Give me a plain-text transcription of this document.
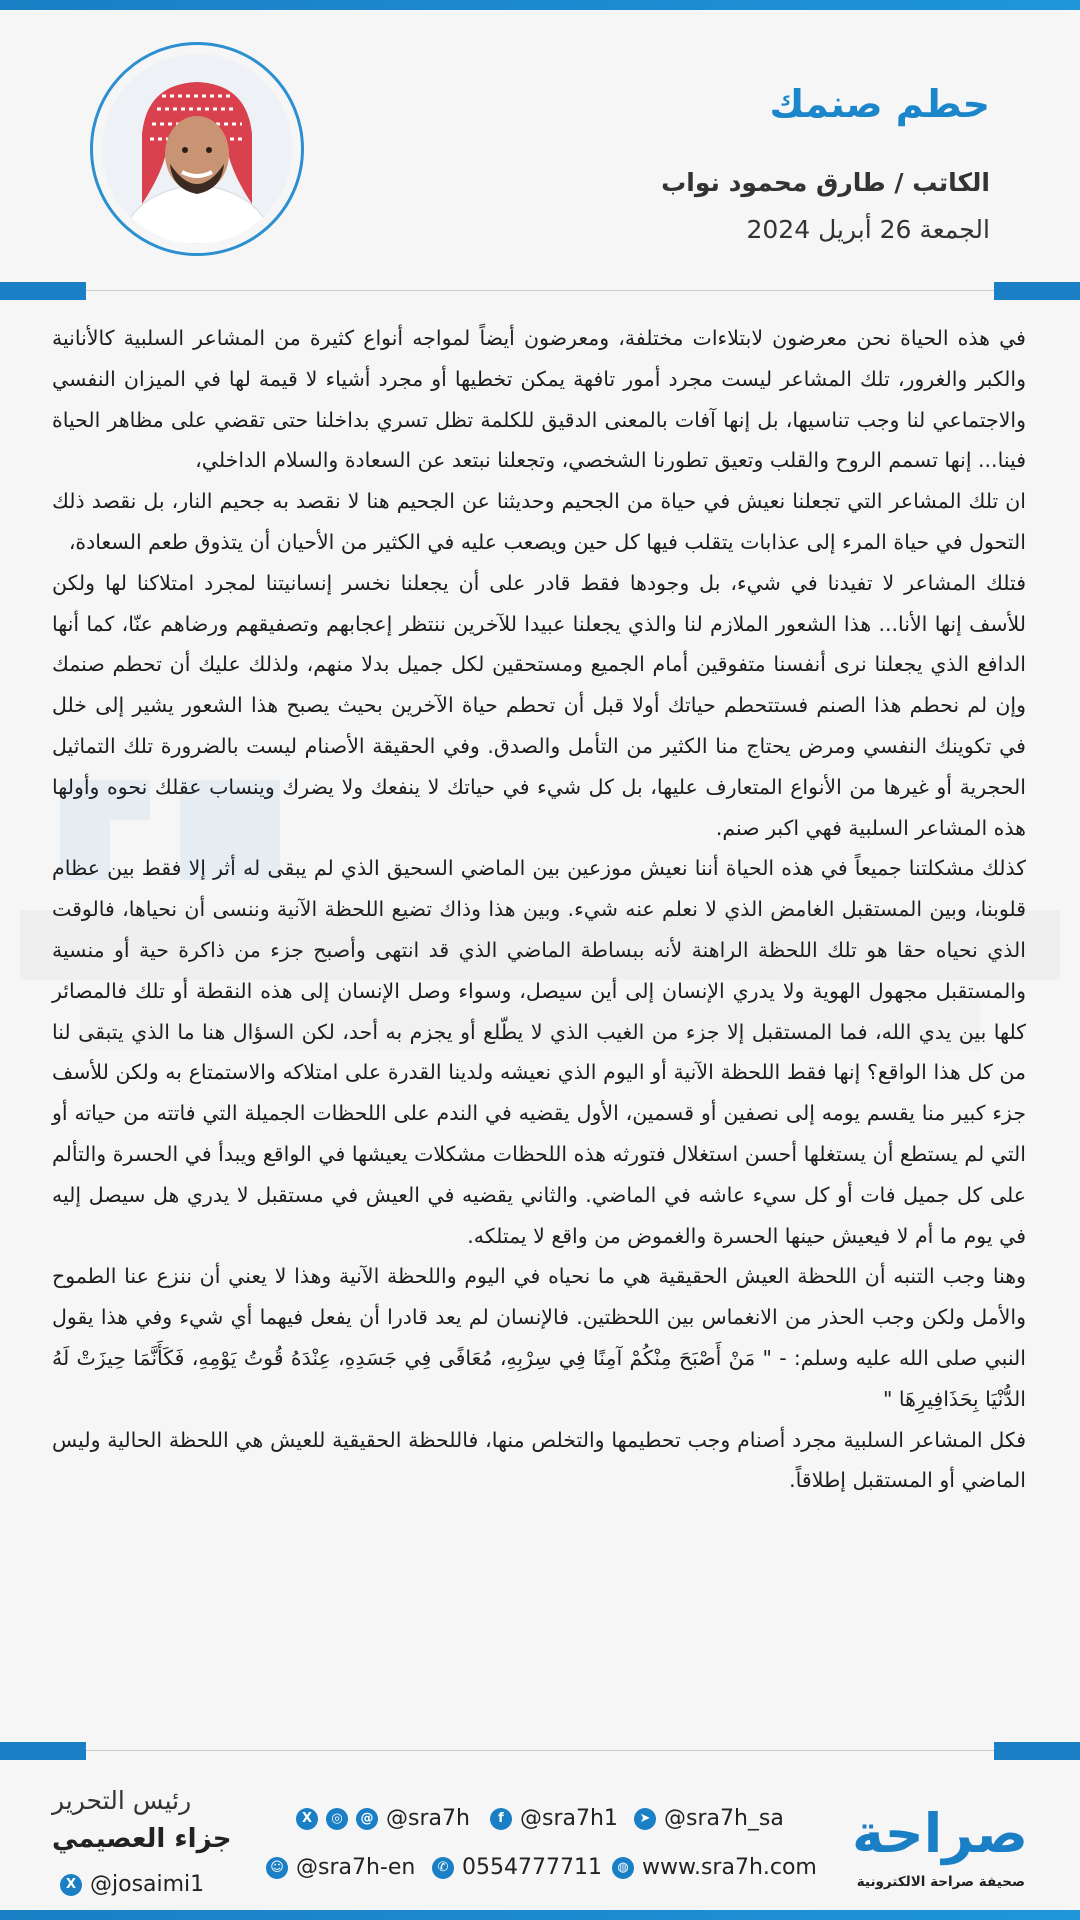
حطم صنمك
الكاتب / طارق محمود نواب
الجمعة 26 أبريل 2024

في هذه الحياة نحن معرضون لابتلاءات مختلفة، ومعرضون أيضاً لمواجه أنواع كثيرة من المشاعر السلبية كالأنانية والكبر والغرور، تلك المشاعر ليست مجرد أمور تافهة يمكن تخطيها أو مجرد أشياء لا قيمة لها في الميزان النفسي والاجتماعي لنا وجب تناسيها، بل إنها آفات بالمعنى الدقيق للكلمة تظل تسري بداخلنا حتى تقضي على مظاهر الحياة فينا... إنها تسمم الروح والقلب وتعيق تطورنا الشخصي، وتجعلنا نبتعد عن السعادة والسلام الداخلي،

ان تلك المشاعر التي تجعلنا نعيش في حياة من الجحيم وحديثنا عن الجحيم هنا لا نقصد به جحيم النار، بل نقصد ذلك التحول في حياة المرء إلى عذابات يتقلب فيها كل حين ويصعب عليه في الكثير من الأحيان أن يتذوق طعم السعادة،

فتلك المشاعر لا تفيدنا في شيء، بل وجودها فقط قادر على أن يجعلنا نخسر إنسانيتنا لمجرد امتلاكنا لها ولكن للأسف إنها الأنا... هذا الشعور الملازم لنا والذي يجعلنا عبيدا للآخرين ننتظر إعجابهم وتصفيقهم ورضاهم عنّا، كما أنها الدافع الذي يجعلنا نرى أنفسنا متفوقين أمام الجميع ومستحقين لكل جميل بدلا منهم، ولذلك عليك أن تحطم صنمك وإن لم نحطم هذا الصنم فستتحطم حياتك أولا قبل أن تحطم حياة الآخرين بحيث يصبح هذا الشعور يشير إلى خلل في تكوينك النفسي ومرض يحتاج منا الكثير من التأمل والصدق. وفي الحقيقة الأصنام ليست بالضرورة تلك التماثيل الحجرية أو غيرها من الأنواع المتعارف عليها، بل كل شيء في حياتك لا ينفعك ولا يضرك وينساب عقلك نحوه وأولها هذه المشاعر السلبية فهي اكبر صنم.

كذلك مشكلتنا جميعاً في هذه الحياة أننا نعيش موزعين بين الماضي السحيق الذي لم يبقى له أثر إلا فقط بين عظام قلوبنا، وبين المستقبل الغامض الذي لا نعلم عنه شيء. وبين هذا وذاك تضيع اللحظة الآنية وننسى أن نحياها، فالوقت الذي نحياه حقا هو تلك اللحظة الراهنة لأنه ببساطة الماضي الذي قد انتهى وأصبح جزء من ذاكرة حية أو منسية والمستقبل مجهول الهوية ولا يدري الإنسان إلى أين سيصل، وسواء وصل الإنسان إلى هذه النقطة أو تلك فالمصائر كلها بين يدي الله، فما المستقبل إلا جزء من الغيب الذي لا يطّلع أو يجزم به أحد، لكن السؤال هنا ما الذي يتبقى لنا من كل هذا الواقع؟ إنها فقط اللحظة الآنية أو اليوم الذي نعيشه ولدينا القدرة على امتلاكه والاستمتاع به ولكن للأسف جزء كبير منا يقسم يومه إلى نصفين أو قسمين، الأول يقضيه في الندم على اللحظات الجميلة التي فاتته من حياته أو التي لم يستطع أن يستغلها أحسن استغلال فتورثه هذه اللحظات مشكلات يعيشها في الواقع ويبدأ في الحسرة والتألم على كل جميل فات أو كل سيء عاشه في الماضي. والثاني يقضيه في العيش في مستقبل لا يدري هل سيصل إليه في يوم ما أم لا فيعيش حينها الحسرة والغموض من واقع لا يمتلكه.

وهنا وجب التنبه أن اللحظة العيش الحقيقية هي ما نحياه في اليوم واللحظة الآنية وهذا لا يعني أن ننزع عنا الطموح والأمل ولكن وجب الحذر من الانغماس بين اللحظتين. فالإنسان لم يعد قادرا أن يفعل فيهما أي شيء وفي هذا يقول النبي صلى الله عليه وسلم: - " مَنْ أَصْبَحَ مِنْكُمْ آمِنًا فِي سِرْبِهِ، مُعَافًى فِي جَسَدِهِ، عِنْدَهُ قُوتُ يَوْمِهِ، فَكَأَنَّمَا حِيزَتْ لَهُ الدُّنْيَا بِحَذَافِيرِهَا "

فكل المشاعر السلبية مجرد أصنام وجب تحطيمها والتخلص منها، فاللحظة الحقيقية للعيش هي اللحظة الحالية وليس الماضي أو المستقبل إطلاقاً.

صراحة
صحيفة صراحة الالكترونية
X	◎	@ @sra7h	f @sra7h1	➤ @sra7h_sa
☺ @sra7h-en	✆ 0554777711	◍ www.sra7h.com
رئيس التحرير
جزاء العصيمي
X @josaimi1
